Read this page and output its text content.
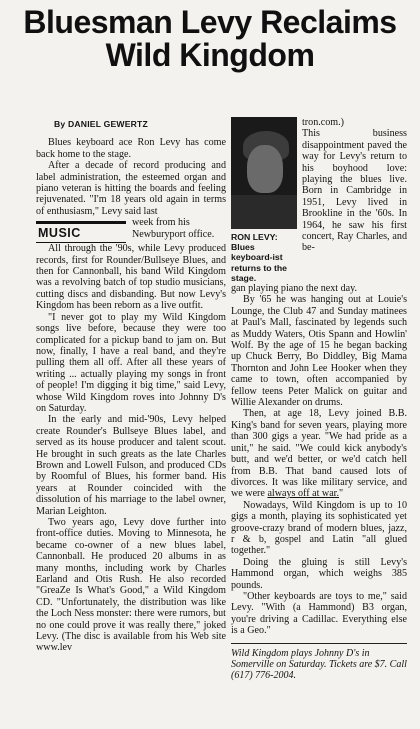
Bluesman Levy Reclaims
Wild Kingdom
By DANIEL GEWERTZ

Blues keyboard ace Ron Levy has come back home to the stage.

After a decade of record producing and label administration, the esteemed organ and piano veteran is hitting the boards and feeling rejuvenated. "I'm 18 years old again in terms of enthusiasm," Levy said last

MUSIC
week from his Newburyport office.

All through the '90s, while Levy produced records, first for Rounder/Bullseye Blues, and then for Cannonball, his band Wild Kingdom was a revolving batch of top studio musicians, cutting discs and disbanding. But now Levy's Kingdom has been reborn as a live outfit.

"I never got to play my Wild Kingdom songs live before, because they were too complicated for a pickup band to jam on. But now, finally, I have a real band, and they're pulling them all off. After all these years of writing ... actually playing my songs in front of people! I'm digging it big time," said Levy, whose Wild Kingdom roves into Johnny D's on Saturday.

In the early and mid-'90s, Levy helped create Rounder's Bullseye Blues label, and served as its house producer and talent scout. He brought in such greats as the late Charles Brown and Lowell Fulson, and produced CDs by Roomful of Blues, his former band. His years at Rounder coincided with the dissolution of his marriage to the label owner, Marian Leighton.

Two years ago, Levy dove further into front-office duties. Moving to Minnesota, he became co-owner of a new blues label, Cannonball. He produced 20 albums in as many months, including work by Charles Earland and Otis Rush. He also recorded "GreaZe Is What's Good," a Wild Kingdom CD. "Unfortunately, the distribution was like the Loch Ness monster: there were rumors, but no one could prove it was really there," joked Levy. (The disc is available from his Web site www.lev

RON LEVY: Blues keyboard-ist returns to the stage.

tron.com.)

This business disappointment paved the way for Levy's return to his boyhood love: playing the blues live. Born in Cambridge in 1951, Levy lived in Brookline in the '60s. In 1964, he saw his first concert, Ray Charles, and be-

gan playing piano the next day.

By '65 he was hanging out at Louie's Lounge, the Club 47 and Sunday matinees at Paul's Mall, fascinated by legends such as Muddy Waters, Otis Spann and Howlin' Wolf. By the age of 15 he began backing up Chuck Berry, Bo Diddley, Big Mama Thornton and John Lee Hooker when they came to town, often accompanied by fellow teens Peter Malick on guitar and Willie Alexander on drums.

Then, at age 18, Levy joined B.B. King's band for seven years, playing more than 300 gigs a year. "We had pride as a unit," he said. "We could kick anybody's butt, and we'd better, or we'd catch hell from B.B. That band caused lots of divorces. It was like military service, and we were always off at war."

Nowadays, Wild Kingdom is up to 10 gigs a month, playing its sophisticated yet groove-crazy brand of modern blues, jazz, r & b, gospel and Latin "all glued together."

Doing the gluing is still Levy's Hammond organ, which weighs 385 pounds.

"Other keyboards are toys to me," said Levy. "With (a Hammond) B3 organ, you're driving a Cadillac. Everything else is a Geo."

Wild Kingdom plays Johnny D's in Somerville on Saturday. Tickets are $7. Call (617) 776-2004.
